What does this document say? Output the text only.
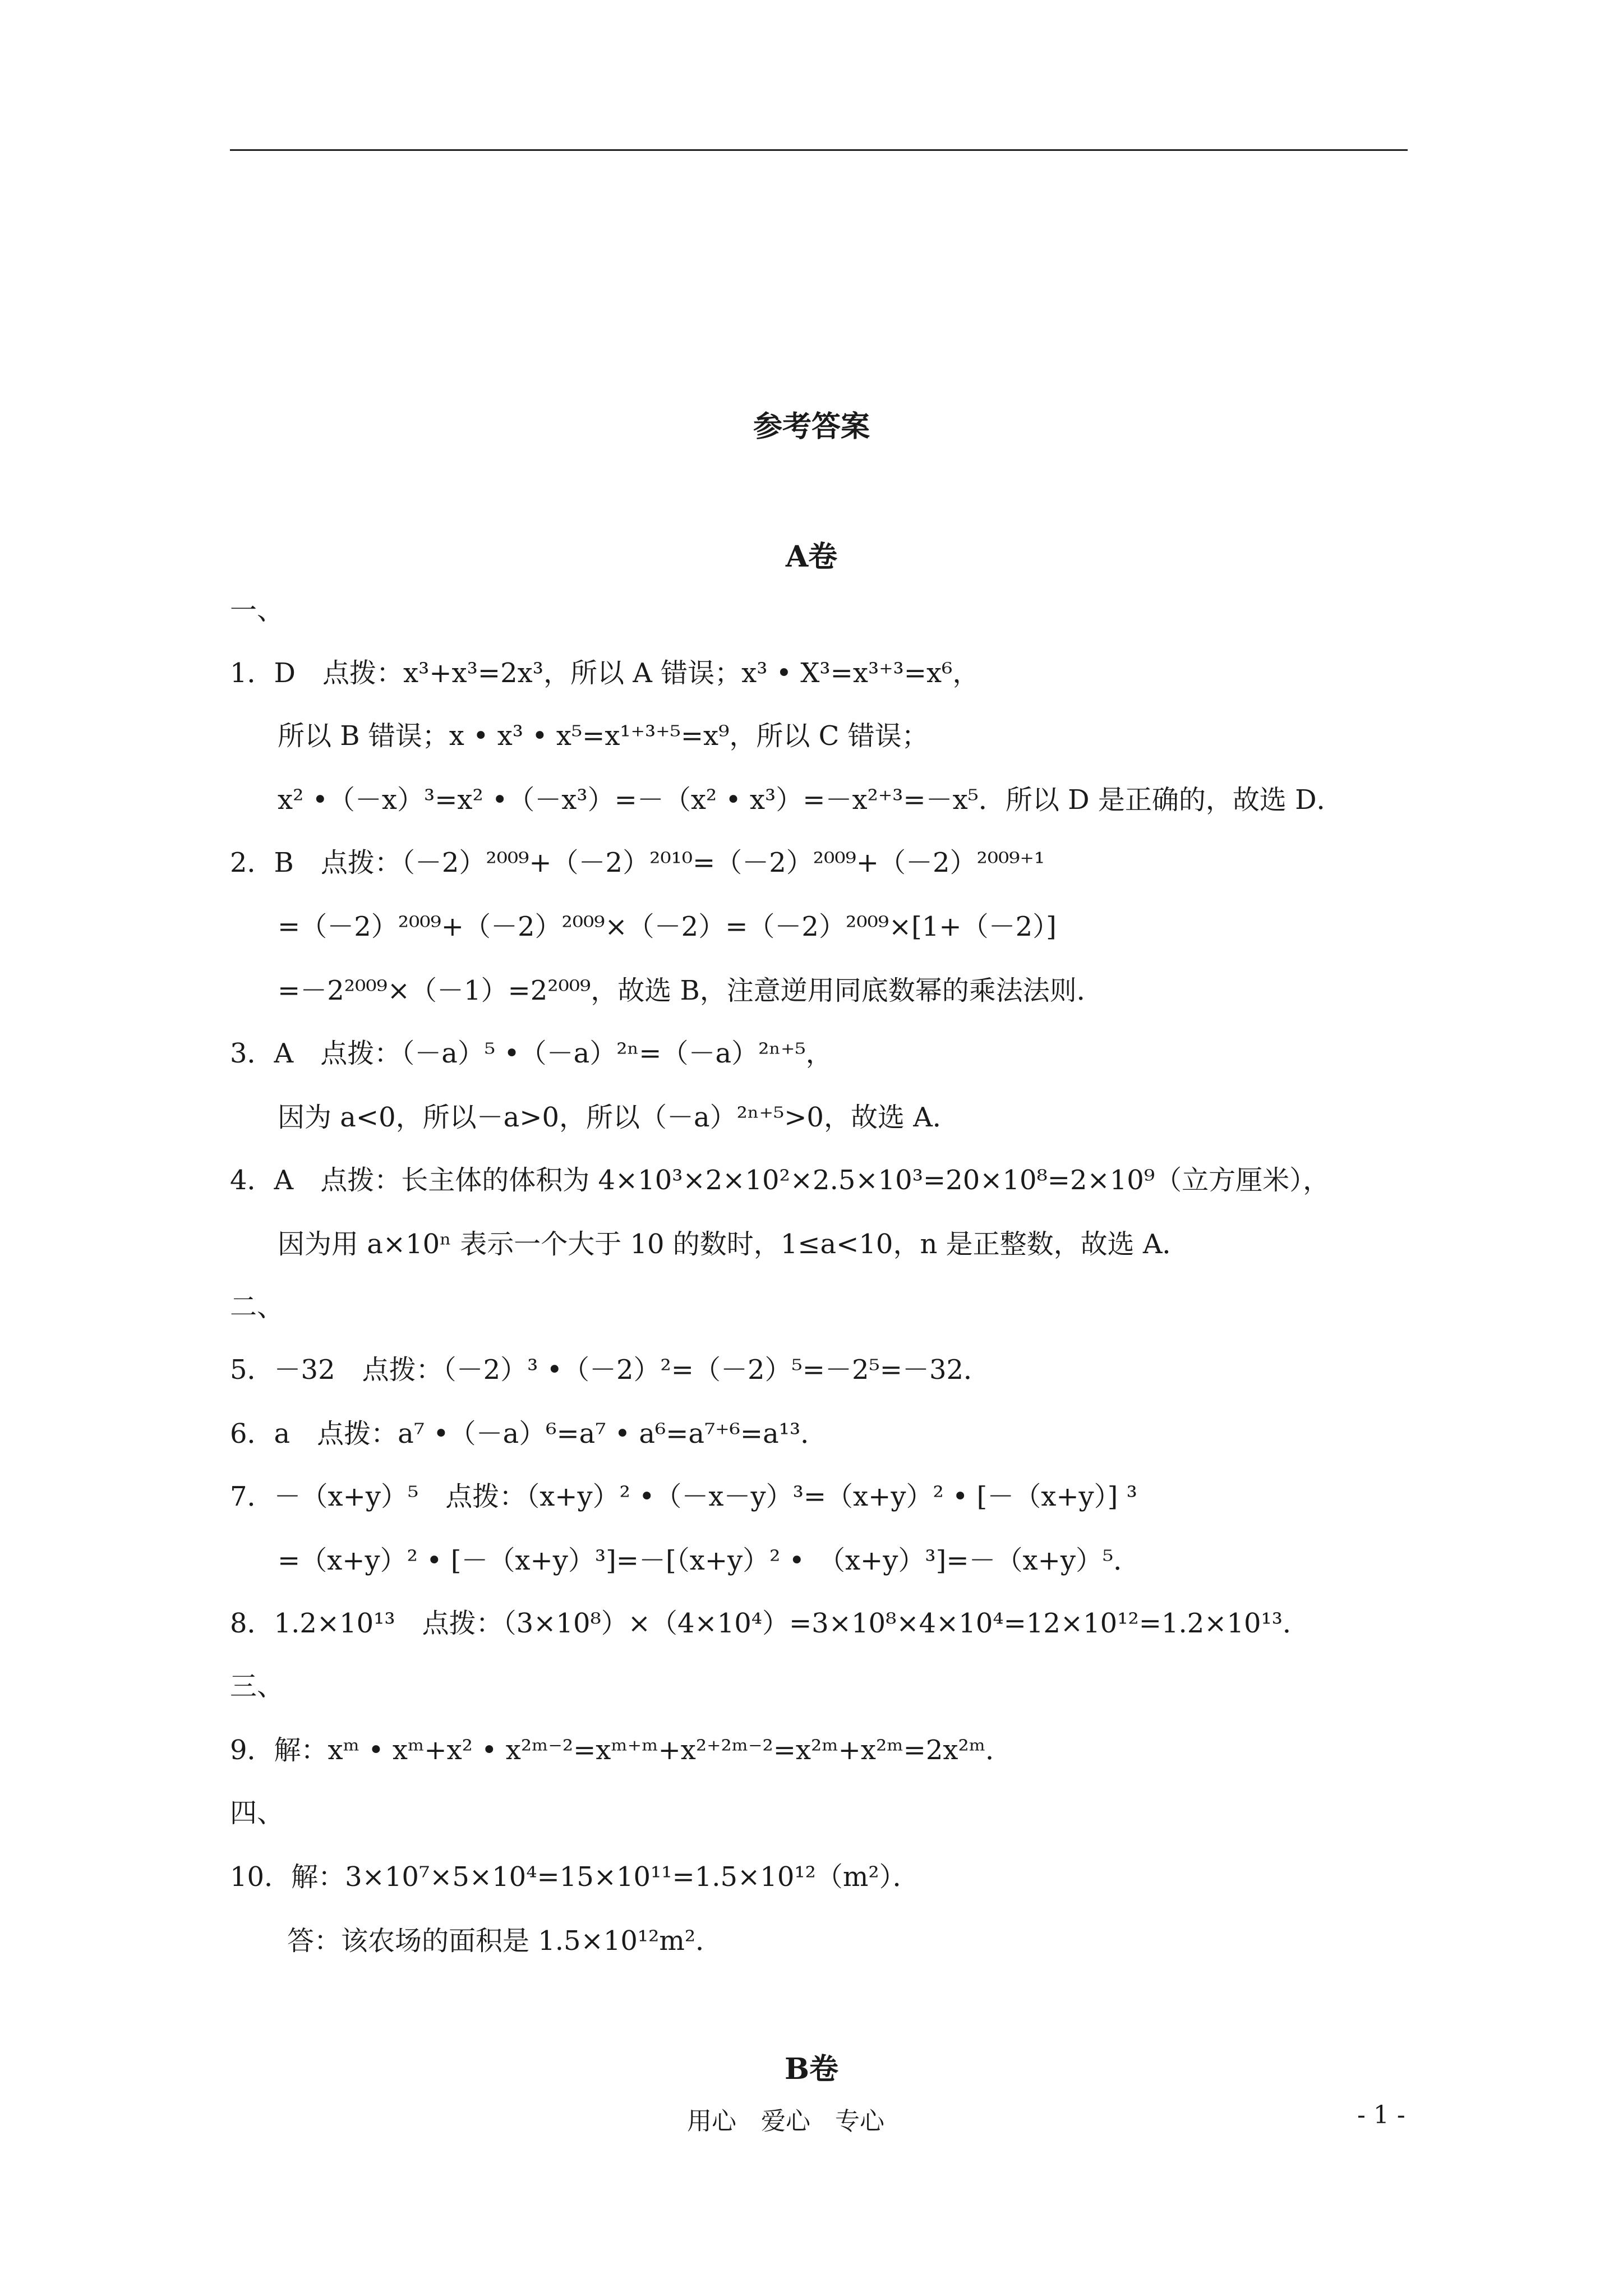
参考答案
A卷
一、
1．D　点拨：x³+x³=2x³，所以 A 错误；x³ • X³=x³⁺³=x⁶，
所以 B 错误；x • x³ • x⁵=x¹⁺³⁺⁵=x⁹，所以 C 错误；
x² •（－x）³=x² •（－x³）=－（x² • x³）=－x²⁺³=－x⁵．所以 D 是正确的，故选 D．
2．B　点拨：（－2）²⁰⁰⁹+（－2）²⁰¹⁰=（－2）²⁰⁰⁹+（－2）²⁰⁰⁹⁺¹
=（－2）²⁰⁰⁹+（－2）²⁰⁰⁹×（－2）=（－2）²⁰⁰⁹×[1+（－2）]
=－2²⁰⁰⁹×（－1）=2²⁰⁰⁹，故选 B，注意逆用同底数幂的乘法法则．
3．A　点拨：（－a）⁵ •（－a）²ⁿ=（－a）²ⁿ⁺⁵，
因为 a<0，所以－a>0，所以（－a）²ⁿ⁺⁵>0，故选 A．
4．A　点拨：长主体的体积为 4×10³×2×10²×2.5×10³=20×10⁸=2×10⁹（立方厘米），
因为用 a×10ⁿ 表示一个大于 10 的数时，1≤a<10，n 是正整数，故选 A．
二、
5．－32　点拨：（－2）³ •（－2）²=（－2）⁵=－2⁵=－32．
6．a　点拨：a⁷ •（－a）⁶=a⁷ • a⁶=a⁷⁺⁶=a¹³．
7．－（x+y）⁵　点拨：（x+y）² •（－x－y）³=（x+y）² • [－（x+y）] ³
=（x+y）² • [－（x+y）³]=－[（x+y）² •　（x+y）³]=－（x+y）⁵．
8．1.2×10¹³　点拨：（3×10⁸）×（4×10⁴）=3×10⁸×4×10⁴=12×10¹²=1.2×10¹³．
三、
9．解：xᵐ • xᵐ+x² • x²ᵐ⁻²=xᵐ⁺ᵐ+x²⁺²ᵐ⁻²=x²ᵐ+x²ᵐ=2x²ᵐ．
四、
10．解：3×10⁷×5×10⁴=15×10¹¹=1.5×10¹²（m²）．
答：该农场的面积是 1.5×10¹²m²．
B卷
用心　爱心　专心	- 1 -
